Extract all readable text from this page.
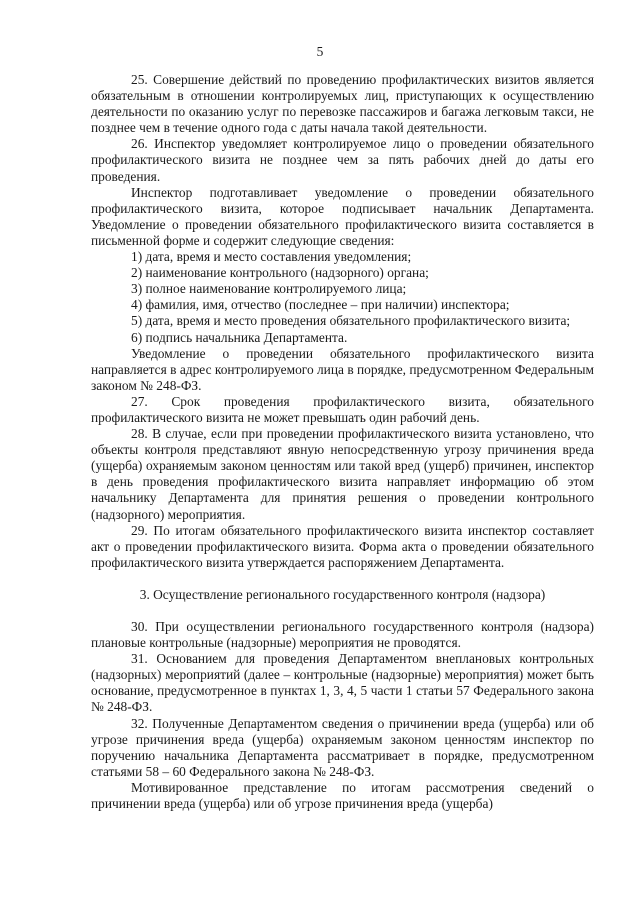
5

25. Совершение действий по проведению профилактических визитов является обязательным в отношении контролируемых лиц, приступающих к осуществлению деятельности по оказанию услуг по перевозке пассажиров и багажа легковым такси, не позднее чем в течение одного года с даты начала такой деятельности.

26. Инспектор уведомляет контролируемое лицо о проведении обязательного профилактического визита не позднее чем за пять рабочих дней до даты его проведения.

Инспектор подготавливает уведомление о проведении обязательного профилактического визита, которое подписывает начальник Департамента. Уведомление о проведении обязательного профилактического визита составляется в письменной форме и содержит следующие сведения:

1) дата, время и место составления уведомления;

2) наименование контрольного (надзорного) органа;

3) полное наименование контролируемого лица;

4) фамилия, имя, отчество (последнее – при наличии) инспектора;

5) дата, время и место проведения обязательного профилактического визита;

6) подпись начальника Департамента.

Уведомление о проведении обязательного профилактического визита направляется в адрес контролируемого лица в порядке, предусмотренном Федеральным законом № 248-ФЗ.

27. Срок проведения профилактического визита, обязательного профилактического визита не может превышать один рабочий день.

28. В случае, если при проведении профилактического визита установлено, что объекты контроля представляют явную непосредственную угрозу причинения вреда (ущерба) охраняемым законом ценностям или такой вред (ущерб) причинен, инспектор в день проведения профилактического визита направляет информацию об этом начальнику Департамента для принятия решения о проведении контрольного (надзорного) мероприятия.

29. По итогам обязательного профилактического визита инспектор составляет акт о проведении профилактического визита. Форма акта о проведении обязательного профилактического визита утверждается распоряжением Департамента.

3. Осуществление регионального государственного контроля (надзора)

30. При осуществлении регионального государственного контроля (надзора) плановые контрольные (надзорные) мероприятия не проводятся.

31. Основанием для проведения Департаментом внеплановых контрольных (надзорных) мероприятий (далее – контрольные (надзорные) мероприятия) может быть основание, предусмотренное в пунктах 1, 3, 4, 5 части 1 статьи 57 Федерального закона № 248-ФЗ.

32. Полученные Департаментом сведения о причинении вреда (ущерба) или об угрозе причинения вреда (ущерба) охраняемым законом ценностям инспектор по поручению начальника Департамента рассматривает в порядке, предусмотренном статьями 58 – 60 Федерального закона № 248-ФЗ.

Мотивированное представление по итогам рассмотрения сведений о причинении вреда (ущерба) или об угрозе причинения вреда (ущерба)
